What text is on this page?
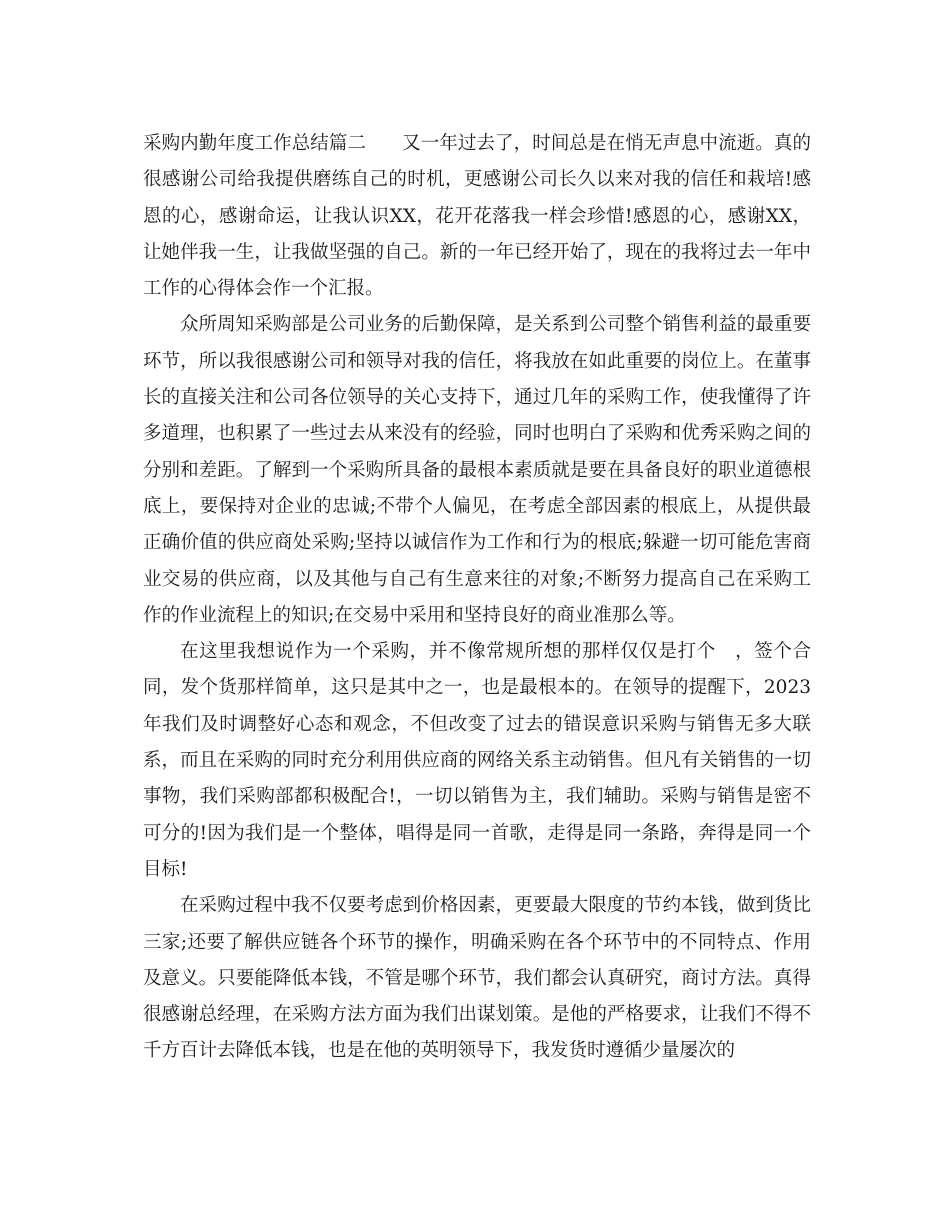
采购内勤年度工作总结篇二 又一年过去了，时间总是在悄无声息中流逝。真的很感谢公司给我提供磨练自己的时机，更感谢公司长久以来对我的信任和栽培!感恩的心，感谢命运，让我认识XX，花开花落我一样会珍惜!感恩的心，感谢XX，让她伴我一生，让我做坚强的自己。新的一年已经开始了，现在的我将过去一年中工作的心得体会作一个汇报。

众所周知采购部是公司业务的后勤保障，是关系到公司整个销售利益的最重要环节，所以我很感谢公司和领导对我的信任，将我放在如此重要的岗位上。在董事长的直接关注和公司各位领导的关心支持下，通过几年的采购工作，使我懂得了许多道理，也积累了一些过去从来没有的经验，同时也明白了采购和优秀采购之间的分别和差距。了解到一个采购所具备的最根本素质就是要在具备良好的职业道德根底上，要保持对企业的忠诚;不带个人偏见，在考虑全部因素的根底上，从提供最正确价值的供应商处采购;坚持以诚信作为工作和行为的根底;躲避一切可能危害商业交易的供应商，以及其他与自己有生意来往的对象;不断努力提高自己在采购工作的作业流程上的知识;在交易中采用和坚持良好的商业准那么等。

在这里我想说作为一个采购，并不像常规所想的那样仅仅是打个　，签个合同，发个货那样简单，这只是其中之一，也是最根本的。在领导的提醒下，2023年我们及时调整好心态和观念，不但改变了过去的错误意识采购与销售无多大联系，而且在采购的同时充分利用供应商的网络关系主动销售。但凡有关销售的一切事物，我们采购部都积极配合!，一切以销售为主，我们辅助。采购与销售是密不可分的!因为我们是一个整体，唱得是同一首歌，走得是同一条路，奔得是同一个目标!

在采购过程中我不仅要考虑到价格因素，更要最大限度的节约本钱，做到货比三家;还要了解供应链各个环节的操作，明确采购在各个环节中的不同特点、作用及意义。只要能降低本钱，不管是哪个环节，我们都会认真研究，商讨方法。真得很感谢总经理，在采购方法方面为我们出谋划策。是他的严格要求，让我们不得不千方百计去降低本钱，也是在他的英明领导下，我发货时遵循少量屡次的
